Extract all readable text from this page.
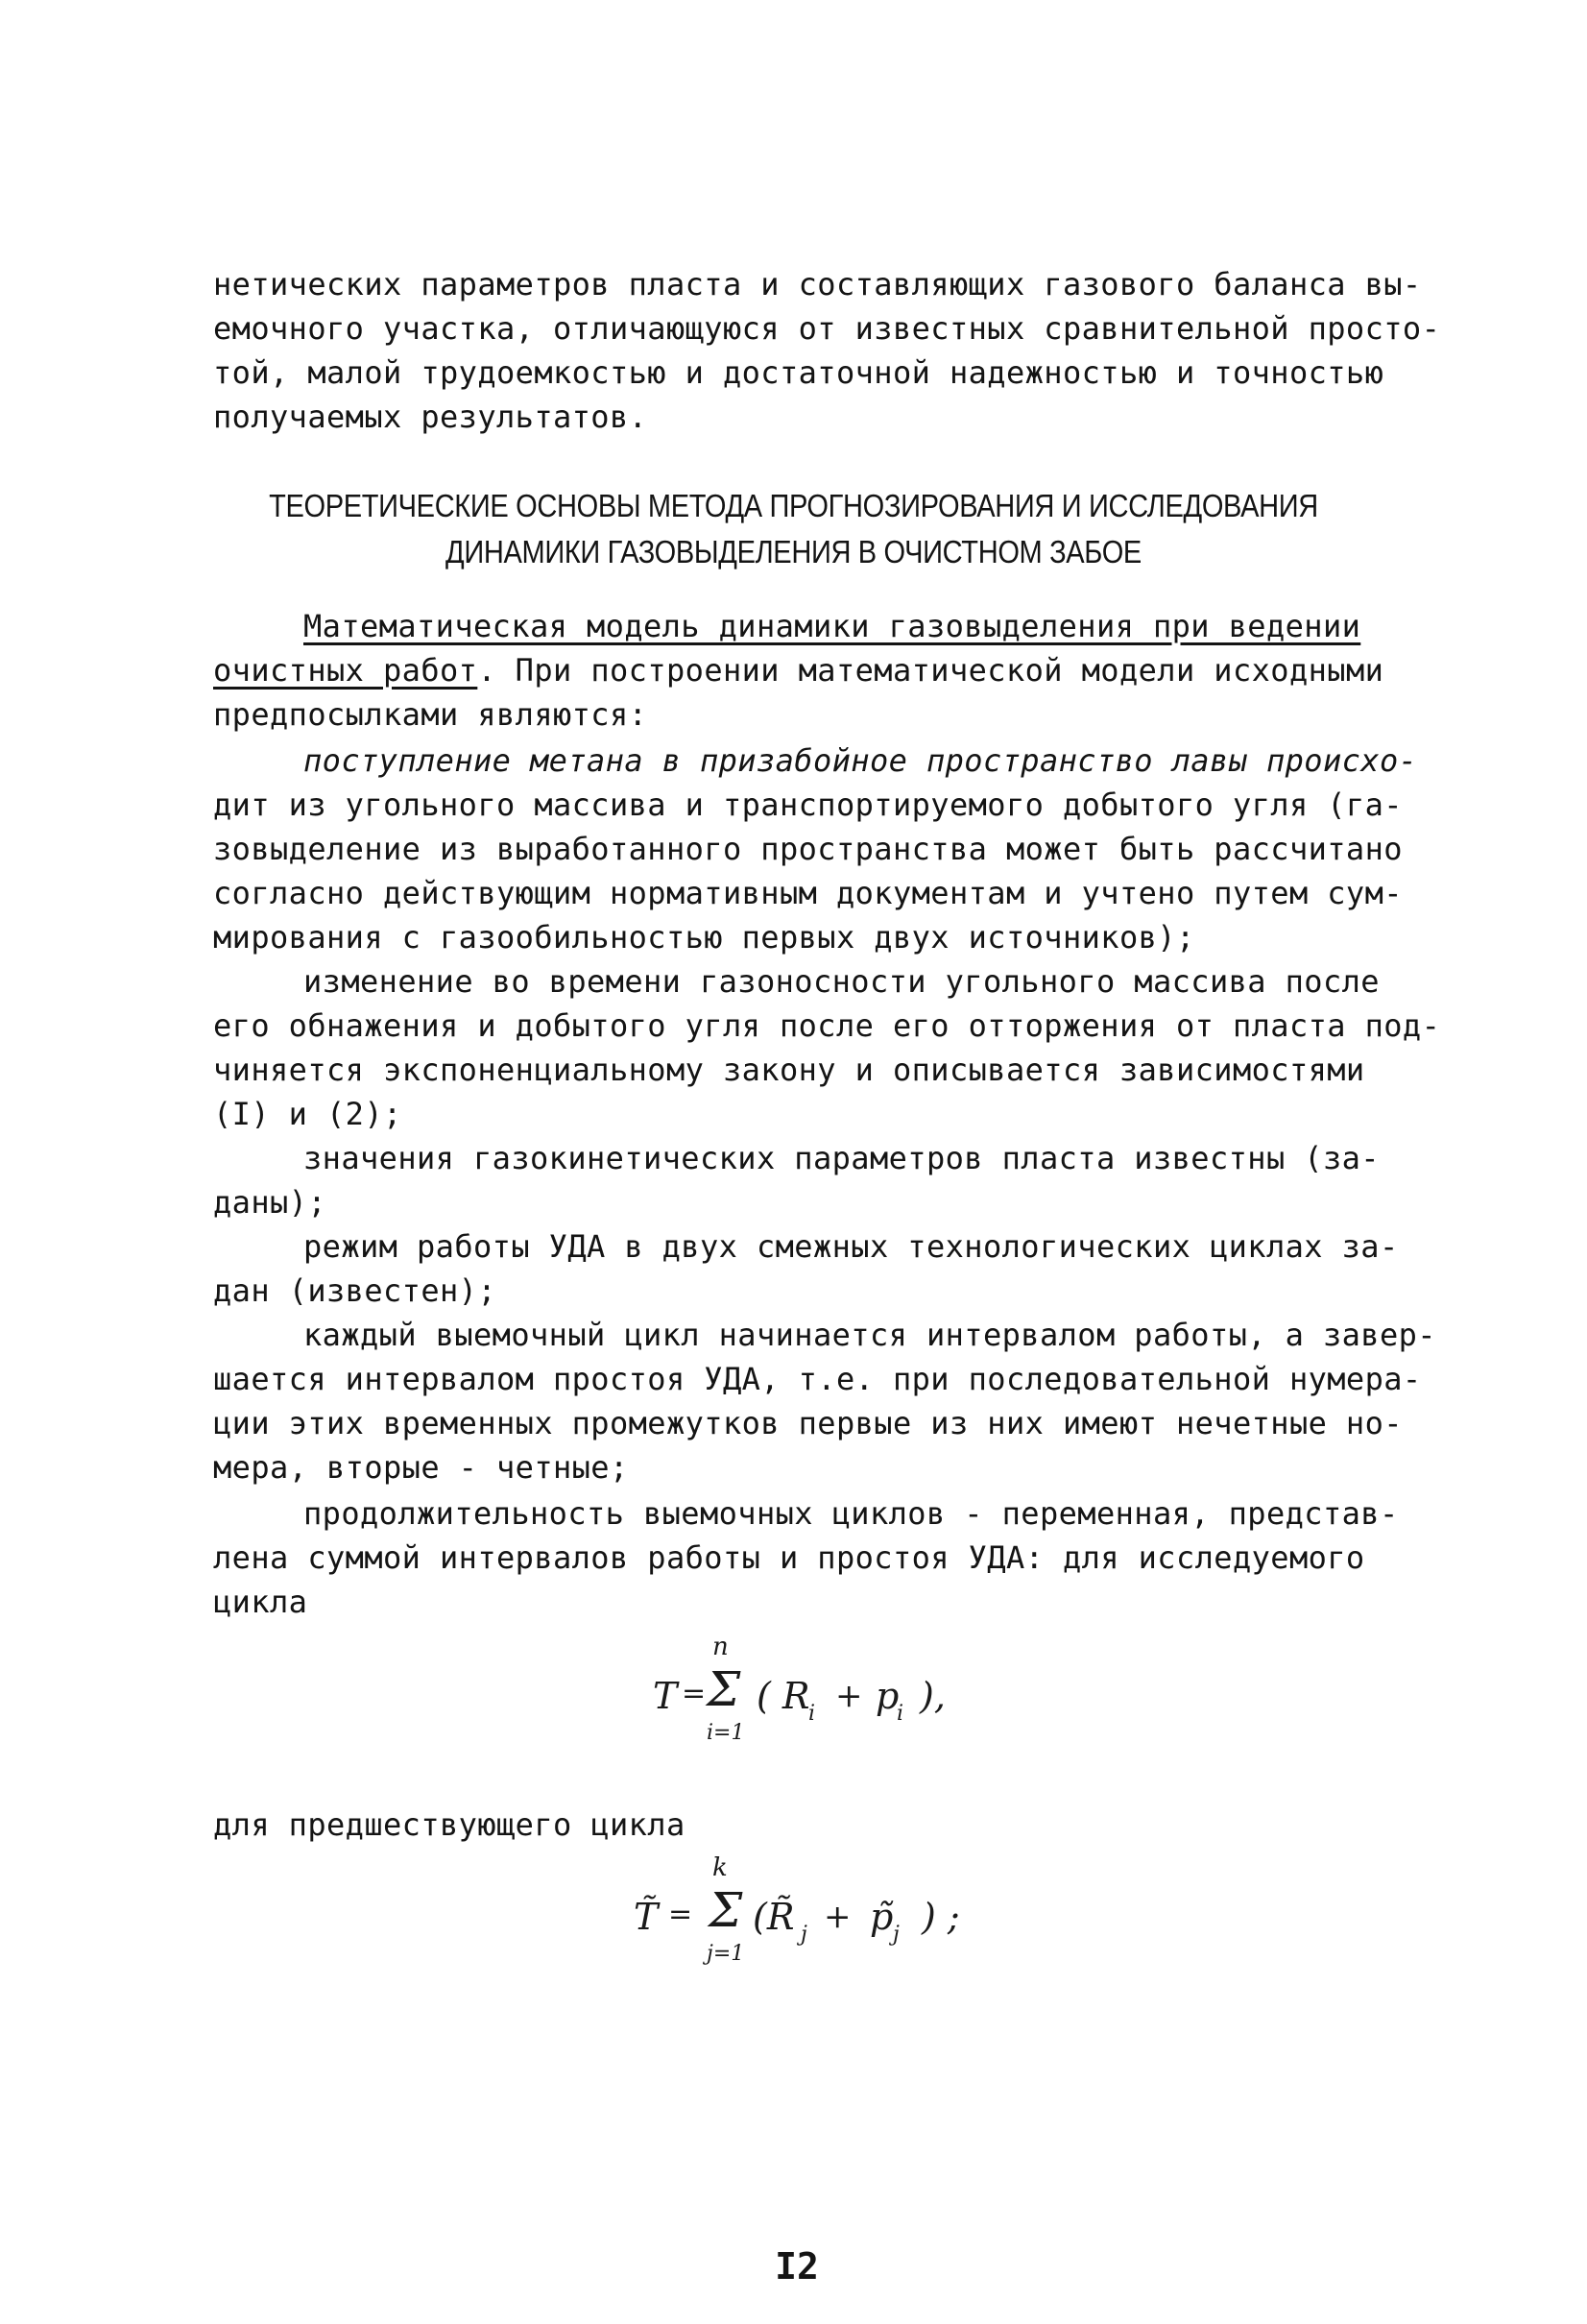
нетических параметров пласта и составляющих газового баланса вы-
емочного участка, отличающуюся от известных сравнительной просто-
той, малой трудоемкостью и достаточной надежностью и точностью
получаемых результатов.
ТЕОРЕТИЧЕСКИЕ ОСНОВЫ МЕТОДА ПРОГНОЗИРОВАНИЯ И ИССЛЕДОВАНИЯ
ДИНАМИКИ ГАЗОВЫДЕЛЕНИЯ В ОЧИСТНОМ ЗАБОЕ
Математическая модель динамики газовыделения при ведении
очистных работ. При построении математической модели исходными
предпосылками являются:
поступление метана в призабойное пространство лавы происхо-
дит из угольного массива и транспортируемого добытого угля (га-
зовыделение из выработанного пространства может быть рассчитано
согласно действующим нормативным документам и учтено путем сум-
мирования с газообильностью первых двух источников);
изменение во времени газоносности угольного массива после
его обнажения и добытого угля после его отторжения от пласта под-
чиняется экспоненциальному закону и описывается зависимостями
(I) и (2);
значения газокинетических параметров пласта известны (за-
даны);
режим работы УДА в двух смежных технологических циклах за-
дан (известен);
каждый выемочный цикл начинается интервалом работы, а завер-
шается интервалом простоя УДА, т.е. при последовательной нумера-
ции этих временных промежутков первые из них имеют нечетные но-
мера, вторые - четные;
продолжительность выемочных циклов - переменная, представ-
лена суммой интервалов работы и простоя УДА: для исследуемого
цикла
T =
n
Σ
i=1
( R
i + p
i ),
для предшествующего цикла
T̃ =
k
Σ
j=1
(R̃ j + p̃ j ) ;
I2
